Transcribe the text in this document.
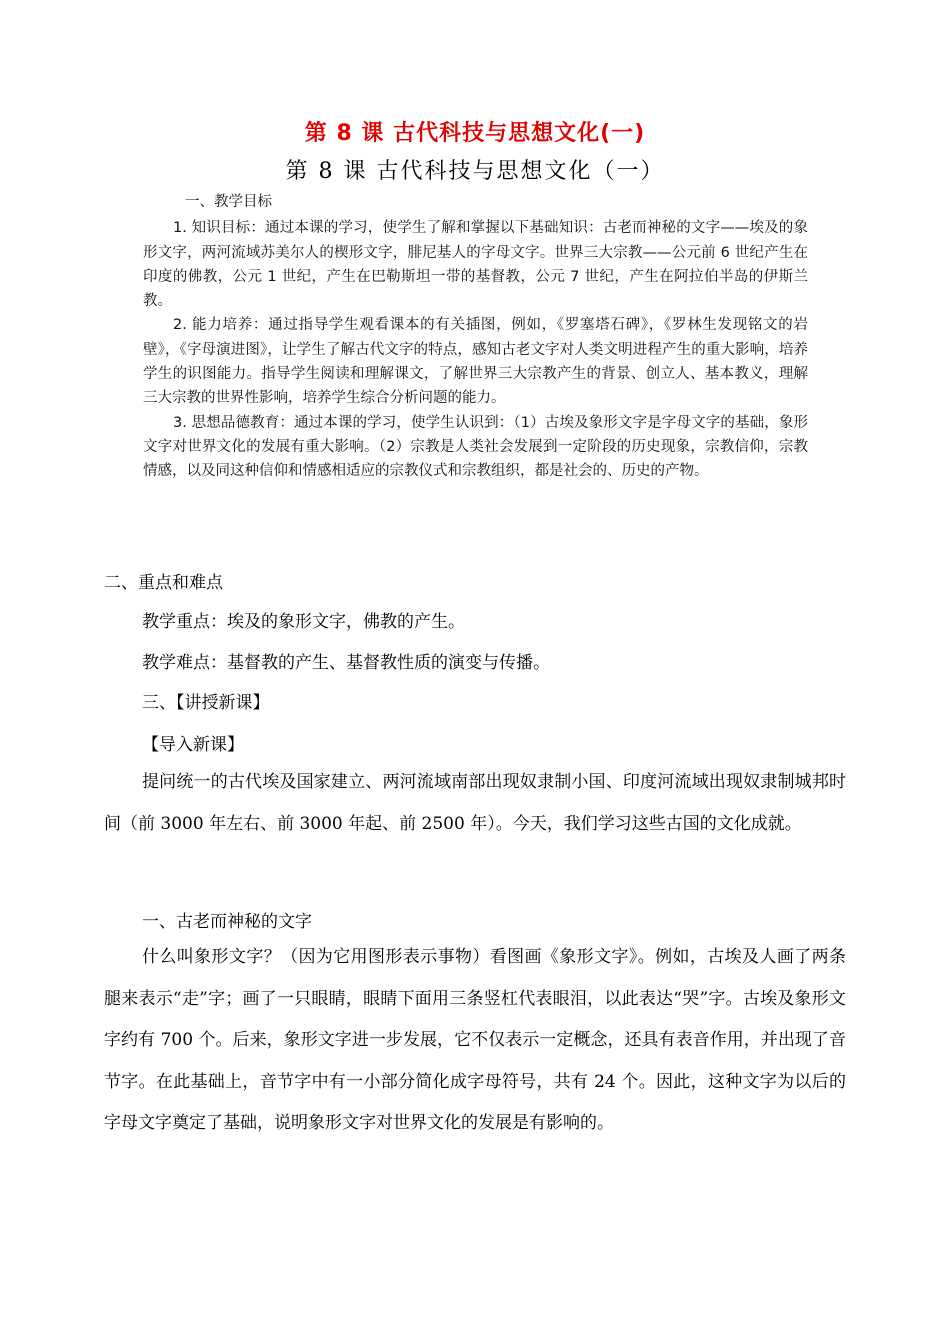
第 8 课 古代科技与思想文化(一)
第 8 课 古代科技与思想文化（一）
一、教学目标

1. 知识目标：通过本课的学习，使学生了解和掌握以下基础知识：古老而神秘的文字——埃及的象形文字，两河流域苏美尔人的楔形文字，腓尼基人的字母文字。世界三大宗教——公元前 6 世纪产生在印度的佛教，公元 1 世纪，产生在巴勒斯坦一带的基督教，公元 7 世纪，产生在阿拉伯半岛的伊斯兰教。

2. 能力培养：通过指导学生观看课本的有关插图，例如，《罗塞塔石碑》，《罗林生发现铭文的岩壁》，《字母演进图》，让学生了解古代文字的特点，感知古老文字对人类文明进程产生的重大影响，培养学生的识图能力。指导学生阅读和理解课文，了解世界三大宗教产生的背景、创立人、基本教义，理解三大宗教的世界性影响，培养学生综合分析问题的能力。

3. 思想品德教育：通过本课的学习，使学生认识到：（1）古埃及象形文字是字母文字的基础，象形文字对世界文化的发展有重大影响。（2）宗教是人类社会发展到一定阶段的历史现象，宗教信仰，宗教情感，以及同这种信仰和情感相适应的宗教仪式和宗教组织，都是社会的、历史的产物。

二、重点和难点
教学重点：埃及的象形文字，佛教的产生。
教学难点：基督教的产生、基督教性质的演变与传播。
三、【讲授新课】
【导入新课】

提问统一的古代埃及国家建立、两河流域南部出现奴隶制小国、印度河流域出现奴隶制城邦时间（前 3000 年左右、前 3000 年起、前 2500 年）。今天，我们学习这些古国的文化成就。

一、古老而神秘的文字

什么叫象形文字？（因为它用图形表示事物）看图画《象形文字》。例如，古埃及人画了两条腿来表示“走”字；画了一只眼睛，眼睛下面用三条竖杠代表眼泪，以此表达“哭”字。古埃及象形文字约有 700 个。后来，象形文字进一步发展，它不仅表示一定概念，还具有表音作用，并出现了音节字。在此基础上，音节字中有一小部分简化成字母符号，共有 24 个。因此，这种文字为以后的字母文字奠定了基础，说明象形文字对世界文化的发展是有影响的。
